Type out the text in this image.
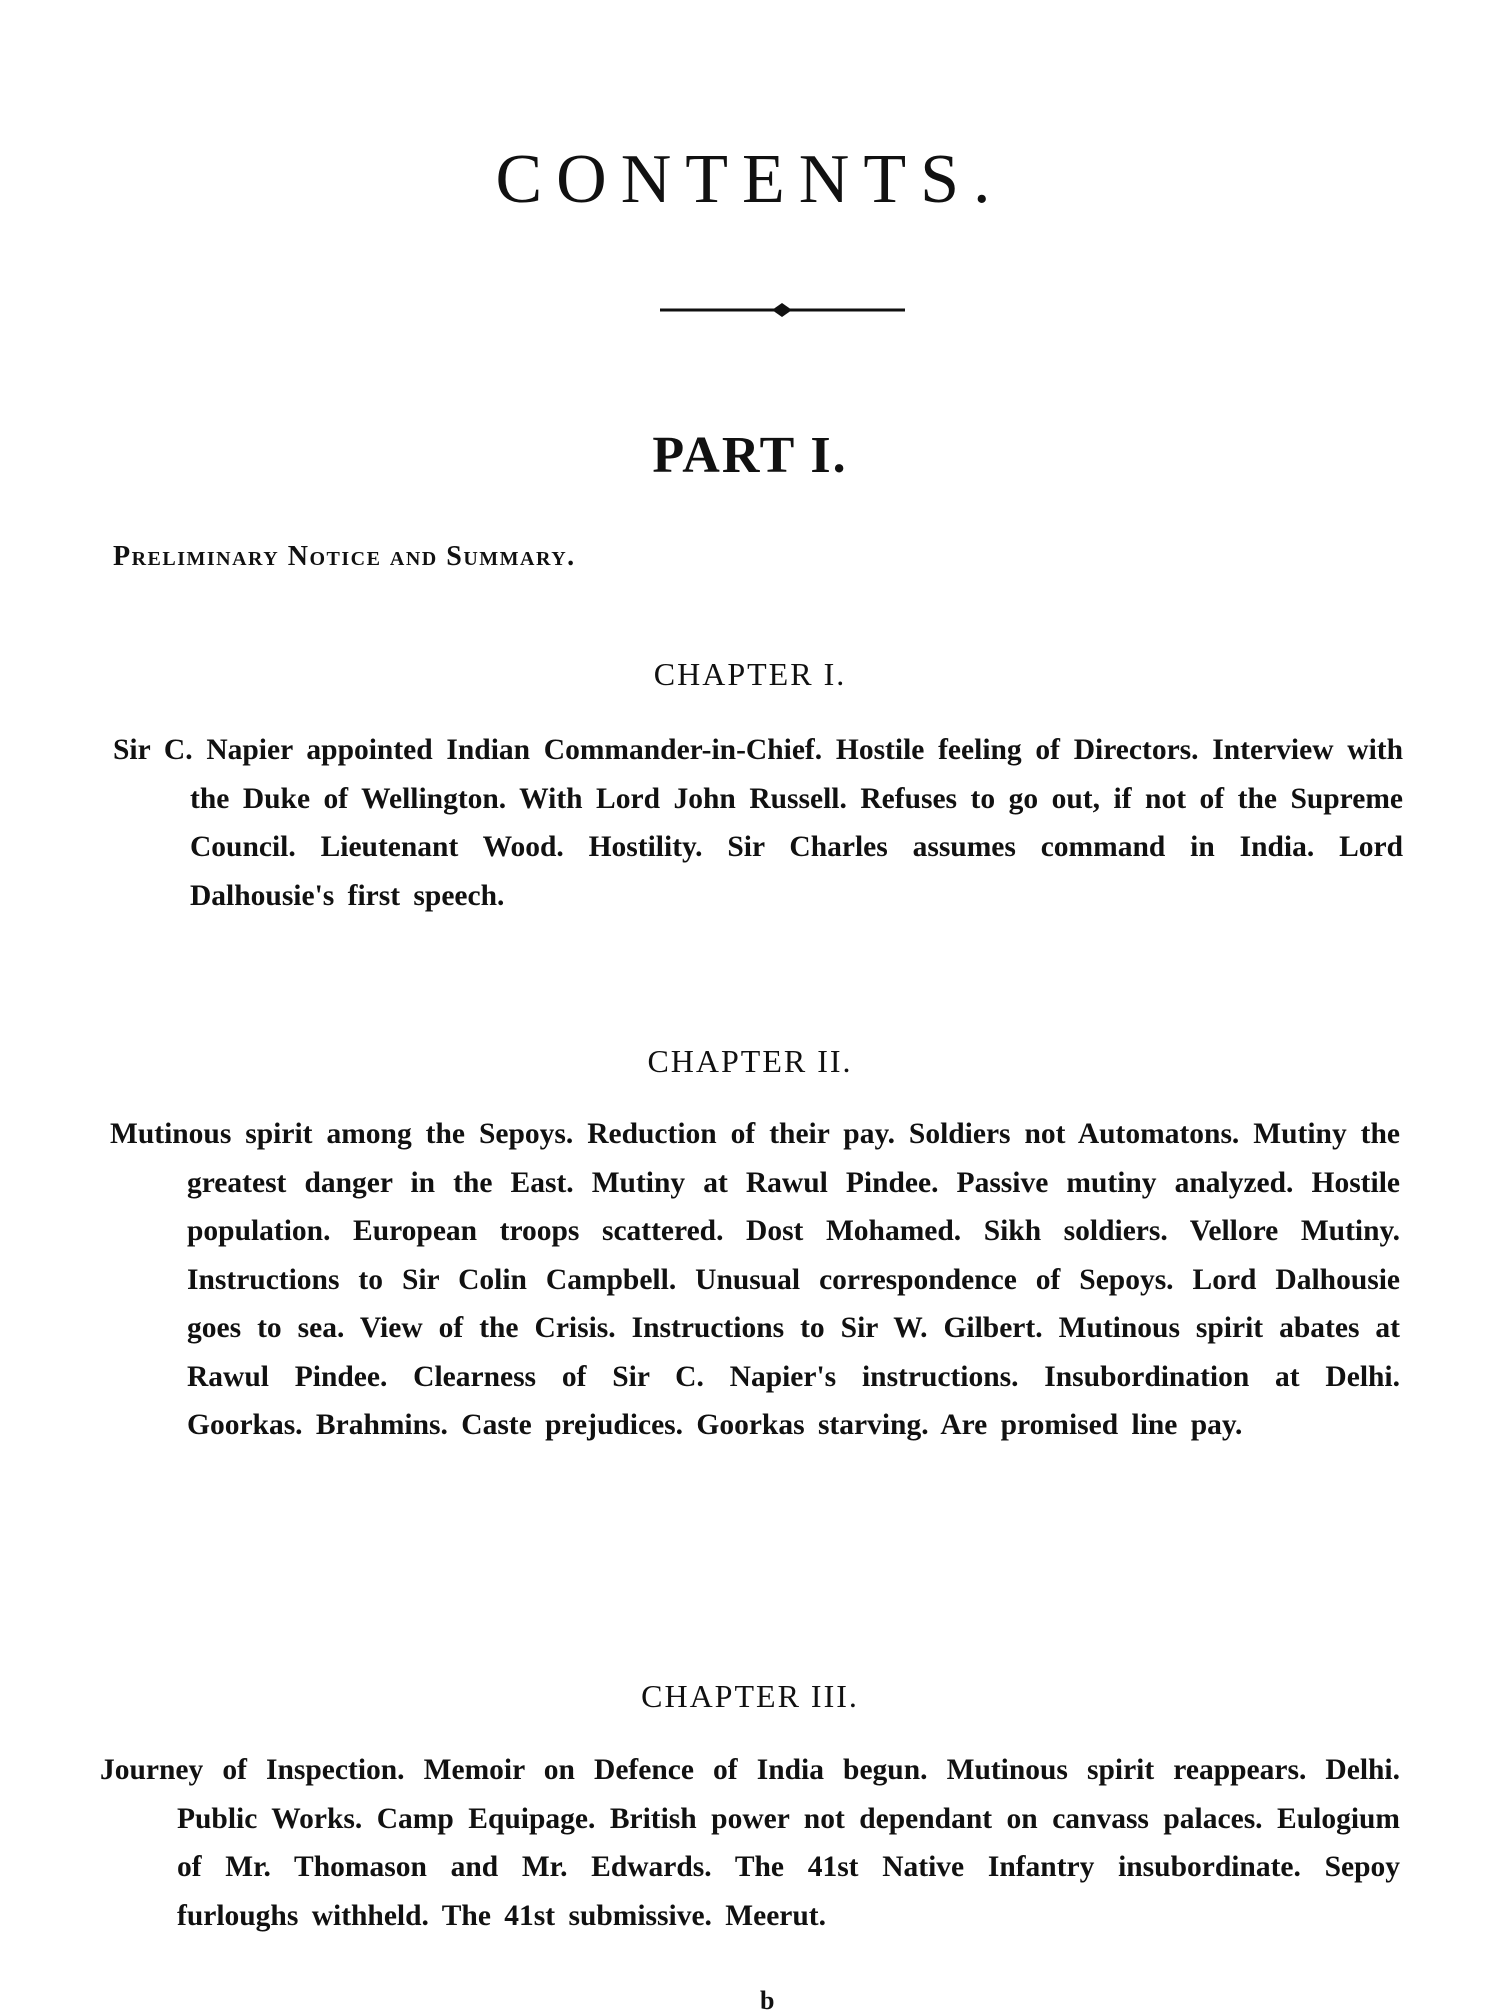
CONTENTS.
PART I.
Preliminary Notice and Summary.
CHAPTER I.
Sir C. Napier appointed Indian Commander-in-Chief. Hostile feeling of Directors. Interview with the Duke of Wellington. With Lord John Russell. Refuses to go out, if not of the Supreme Council. Lieutenant Wood. Hostility. Sir Charles assumes command in India. Lord Dalhousie's first speech.
CHAPTER II.
Mutinous spirit among the Sepoys. Reduction of their pay. Soldiers not Automatons. Mutiny the greatest danger in the East. Mutiny at Rawul Pindee. Passive mutiny analyzed. Hostile population. European troops scattered. Dost Mohamed. Sikh soldiers. Vellore Mutiny. Instructions to Sir Colin Campbell. Unusual correspondence of Sepoys. Lord Dalhousie goes to sea. View of the Crisis. Instructions to Sir W. Gilbert. Mutinous spirit abates at Rawul Pindee. Clearness of Sir C. Napier's instructions. Insubordination at Delhi. Goorkas. Brahmins. Caste prejudices. Goorkas starving. Are promised line pay.
CHAPTER III.
Journey of Inspection. Memoir on Defence of India begun. Mutinous spirit reappears. Delhi. Public Works. Camp Equipage. British power not dependant on canvass palaces. Eulogium of Mr. Thomason and Mr. Edwards. The 41st Native Infantry insubordinate. Sepoy furloughs withheld. The 41st submissive. Meerut.
b
